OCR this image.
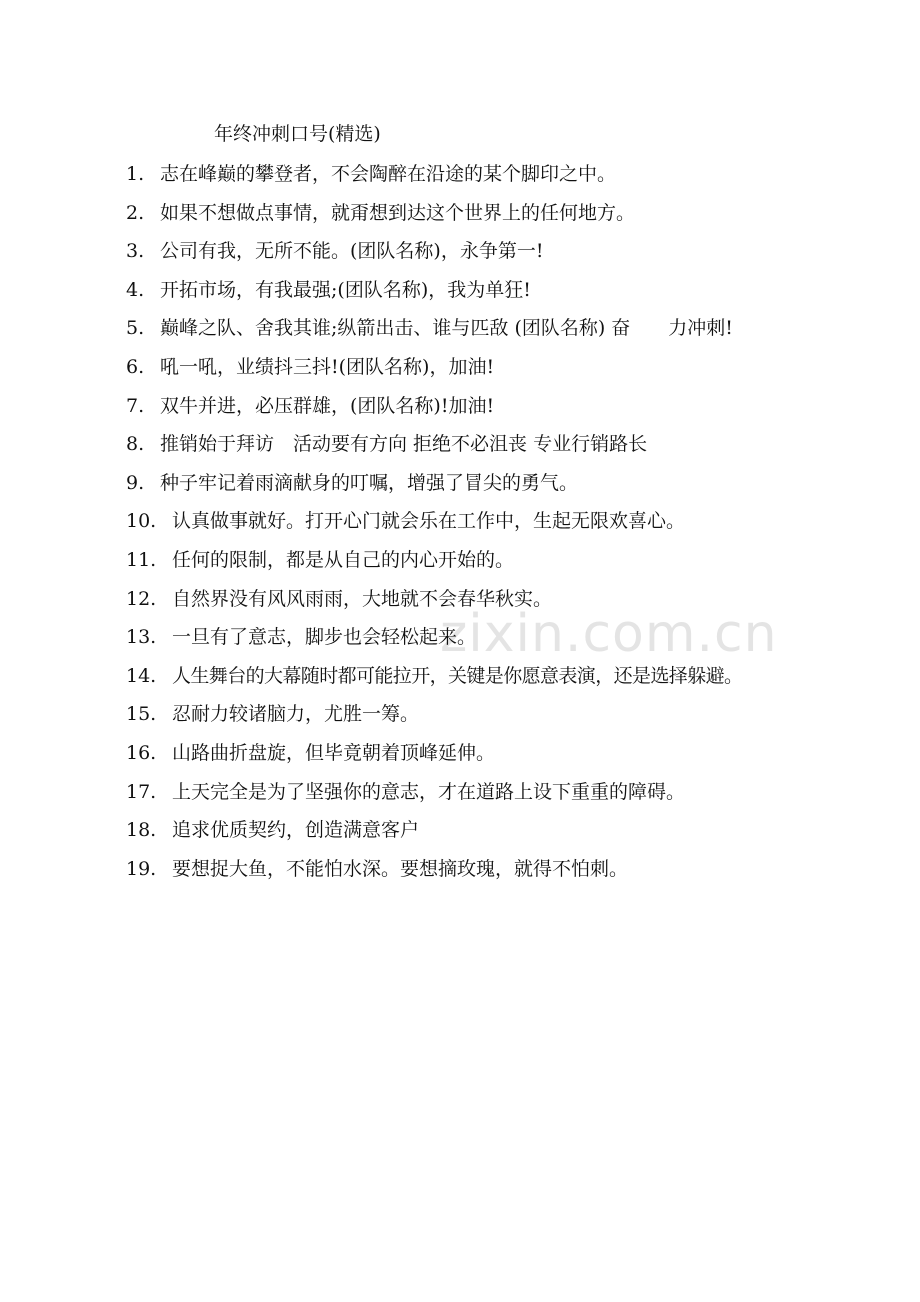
年终冲刺口号(精选)
zixin.com.cn
1. 志在峰巅的攀登者，不会陶醉在沿途的某个脚印之中。
2. 如果不想做点事情，就甭想到达这个世界上的任何地方。
3. 公司有我，无所不能。(团队名称)，永争第一!
4. 开拓市场，有我最强;(团队名称)，我为单狂!
5. 巅峰之队、舍我其谁;纵箭出击、谁与匹敌 (团队名称) 奋　　力冲刺!
6. 吼一吼，业绩抖三抖!(团队名称)，加油!
7. 双牛并进，必压群雄，(团队名称)!加油!
8. 推销始于拜访　活动要有方向 拒绝不必沮丧 专业行销路长
9. 种子牢记着雨滴献身的叮嘱，增强了冒尖的勇气。
10. 认真做事就好。打开心门就会乐在工作中，生起无限欢喜心。
11. 任何的限制，都是从自己的内心开始的。
12. 自然界没有风风雨雨，大地就不会春华秋实。
13. 一旦有了意志，脚步也会轻松起来。
14. 人生舞台的大幕随时都可能拉开，关键是你愿意表演，还是选择躲避。
15. 忍耐力较诸脑力，尤胜一筹。
16. 山路曲折盘旋，但毕竟朝着顶峰延伸。
17. 上天完全是为了坚强你的意志，才在道路上设下重重的障碍。
18. 追求优质契约，创造满意客户
19. 要想捉大鱼，不能怕水深。要想摘玫瑰，就得不怕刺。
